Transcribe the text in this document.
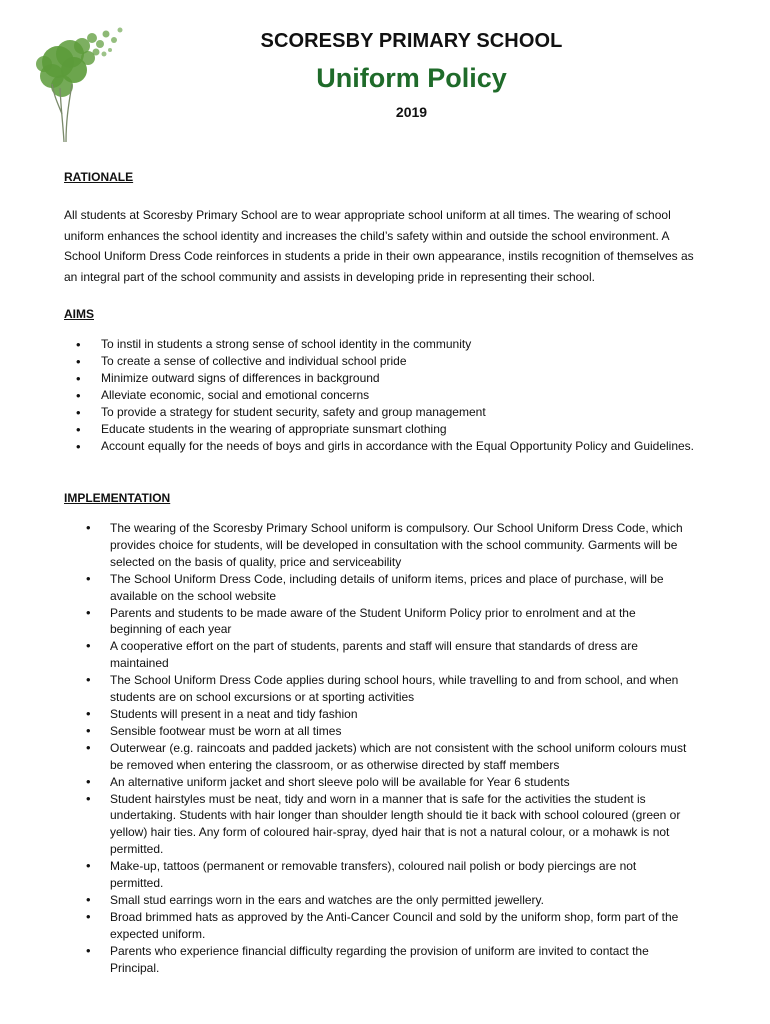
SCORESBY PRIMARY SCHOOL
Uniform Policy
2019
RATIONALE

All students at Scoresby Primary School are to wear appropriate school uniform at all times. The wearing of school uniform enhances the school identity and increases the child’s safety within and outside the school environment. A School Uniform Dress Code reinforces in students a pride in their own appearance, instils recognition of themselves as an integral part of the school community and assists in developing pride in representing their school.

AIMS
• To instil in students a strong sense of school identity in the community
• To create a sense of collective and individual school pride
• Minimize outward signs of differences in background
• Alleviate economic, social and emotional concerns
• To provide a strategy for student security, safety and group management
• Educate students in the wearing of appropriate sunsmart clothing
• Account equally for the needs of boys and girls in accordance with the Equal Opportunity Policy and Guidelines.
IMPLEMENTATION
• The wearing of the Scoresby Primary School uniform is compulsory. Our School Uniform Dress Code, which provides choice for students, will be developed in consultation with the school community. Garments will be selected on the basis of quality, price and serviceability
• The School Uniform Dress Code, including details of uniform items, prices and place of purchase, will be available on the school website
• Parents and students to be made aware of the Student Uniform Policy prior to enrolment and at the beginning of each year
• A cooperative effort on the part of students, parents and staff will ensure that standards of dress are maintained
• The School Uniform Dress Code applies during school hours, while travelling to and from school, and when students are on school excursions or at sporting activities
• Students will present in a neat and tidy fashion
• Sensible footwear must be worn at all times
• Outerwear (e.g. raincoats and padded jackets) which are not consistent with the school uniform colours must be removed when entering the classroom, or as otherwise directed by staff members
• An alternative uniform jacket and short sleeve polo will be available for Year 6 students
• Student hairstyles must be neat, tidy and worn in a manner that is safe for the activities the student is undertaking. Students with hair longer than shoulder length should tie it back with school coloured (green or yellow) hair ties. Any form of coloured hair-spray, dyed hair that is not a natural colour, or a mohawk is not permitted.
• Make-up, tattoos (permanent or removable transfers), coloured nail polish or body piercings are not permitted.
• Small stud earrings worn in the ears and watches are the only permitted jewellery.
• Broad brimmed hats as approved by the Anti-Cancer Council and sold by the uniform shop, form part of the expected uniform.
• Parents who experience financial difficulty regarding the provision of uniform are invited to contact the Principal.
